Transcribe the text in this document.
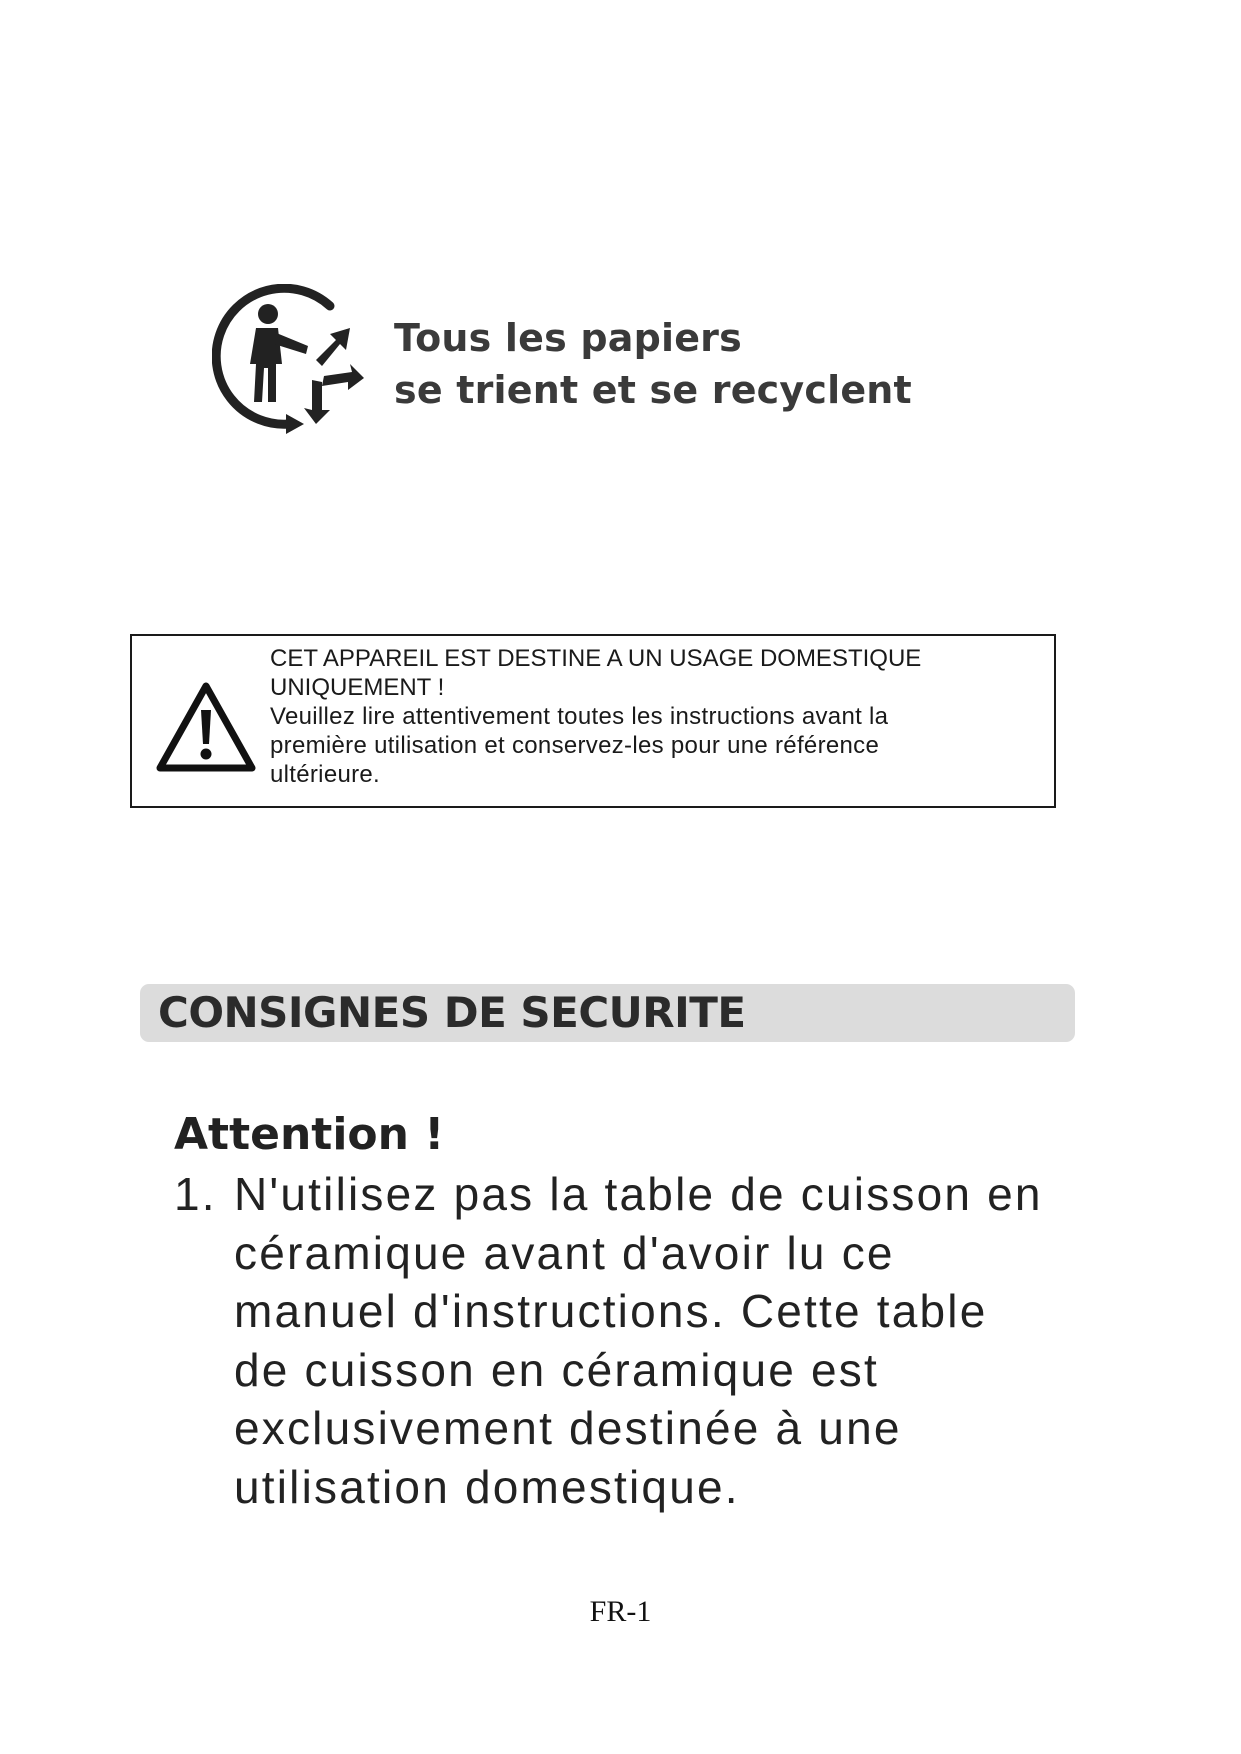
Tous les papiers
se trient et se recyclent
CET APPAREIL EST DESTINE A UN USAGE DOMESTIQUE
UNIQUEMENT !
Veuillez lire attentivement toutes les instructions avant la
première utilisation et conservez-les pour une référence
ultérieure.
CONSIGNES DE SECURITE
Attention !
1. N'utilisez pas la table de cuisson en
céramique avant d'avoir lu ce
manuel d'instructions. Cette table
de cuisson en céramique est
exclusivement destinée à une
utilisation domestique.
FR-1
